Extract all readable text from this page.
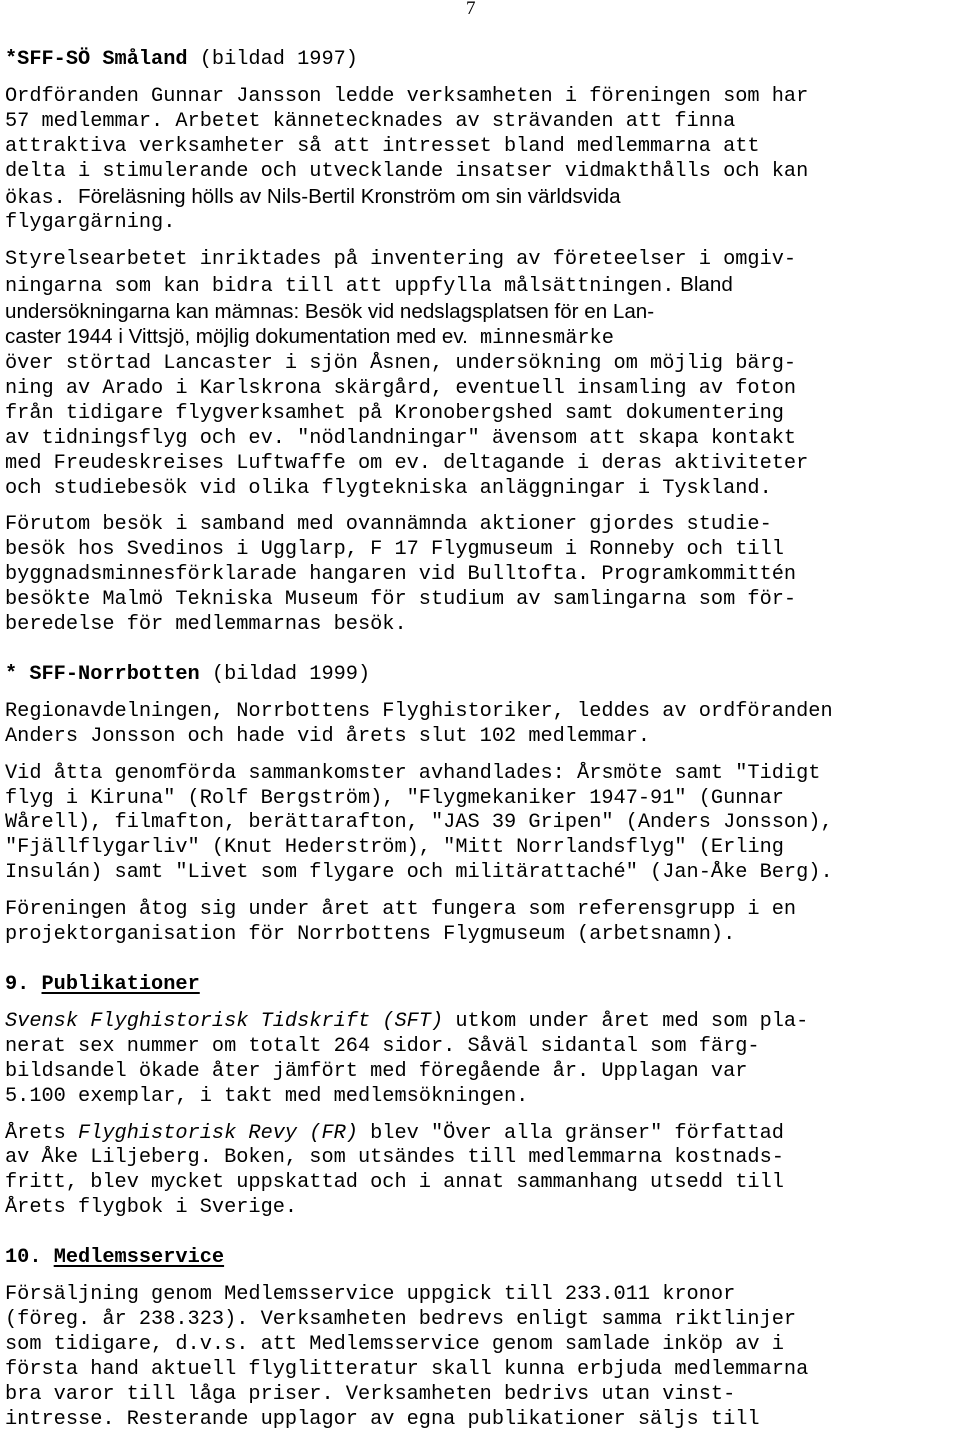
7
*SFF-SÖ Småland (bildad 1997)
Ordföranden Gunnar Jansson ledde verksamheten i föreningen som har
57 medlemmar. Arbetet kännetecknades av strävanden att finna
attraktiva verksamheter så att intresset bland medlemmarna att
delta i stimulerande och utvecklande insatser vidmakthålls och kan
ökas. Föreläsning hölls av Nils-Bertil Kronström om sin världsvida
flygargärning.
Styrelsearbetet inriktades på inventering av företeelser i omgiv-
ningarna som kan bidra till att uppfylla målsättningen. Bland
undersökningarna kan mämnas: Besök vid nedslagsplatsen för en Lan-
caster 1944 i Vittsjö, möjlig dokumentation med ev. minnesmärke
över störtad Lancaster i sjön Åsnen, undersökning om möjlig bärg-
ning av Arado i Karlskrona skärgård, eventuell insamling av foton
från tidigare flygverksamhet på Kronobergshed samt dokumentering
av tidningsflyg och ev. "nödlandningar" ävensom att skapa kontakt
med Freudeskreises Luftwaffe om ev. deltagande i deras aktiviteter
och studiebesök vid olika flygtekniska anläggningar i Tyskland.
Förutom besök i samband med ovannämnda aktioner gjordes studie-
besök hos Svedinos i Ugglarp, F 17 Flygmuseum i Ronneby och till
byggnadsminnesförklarade hangaren vid Bulltofta. Programkommittén
besökte Malmö Tekniska Museum för studium av samlingarna som för-
beredelse för medlemmarnas besök.
* SFF-Norrbotten (bildad 1999)
Regionavdelningen, Norrbottens Flyghistoriker, leddes av ordföranden
Anders Jonsson och hade vid årets slut 102 medlemmar.
Vid åtta genomförda sammankomster avhandlades: Årsmöte samt "Tidigt
flyg i Kiruna" (Rolf Bergström), "Flygmekaniker 1947-91" (Gunnar
Wårell), filmafton, berättarafton, "JAS 39 Gripen" (Anders Jonsson),
"Fjällflygarliv" (Knut Hederström), "Mitt Norrlandsflyg" (Erling
Insulán) samt "Livet som flygare och militärattaché" (Jan-Åke Berg).
Föreningen åtog sig under året att fungera som referensgrupp i en
projektorganisation för Norrbottens Flygmuseum (arbetsnamn).
9. Publikationer
Svensk Flyghistorisk Tidskrift (SFT) utkom under året med som pla-
nerat sex nummer om totalt 264 sidor. Såväl sidantal som färg-
bildsandel ökade åter jämfört med föregående år. Upplagan var
5.100 exemplar, i takt med medlemsökningen.
Årets Flyghistorisk Revy (FR) blev "Över alla gränser" författad
av Åke Liljeberg. Boken, som utsändes till medlemmarna kostnads-
fritt, blev mycket uppskattad och i annat sammanhang utsedd till
Årets flygbok i Sverige.
10. Medlemsservice
Försäljning genom Medlemsservice uppgick till 233.011 kronor
(föreg. år 238.323). Verksamheten bedrevs enligt samma riktlinjer
som tidigare, d.v.s. att Medlemsservice genom samlade inköp av i
första hand aktuell flyglitteratur skall kunna erbjuda medlemmarna
bra varor till låga priser. Verksamheten bedrivs utan vinst-
intresse. Resterande upplagor av egna publikationer säljs till
